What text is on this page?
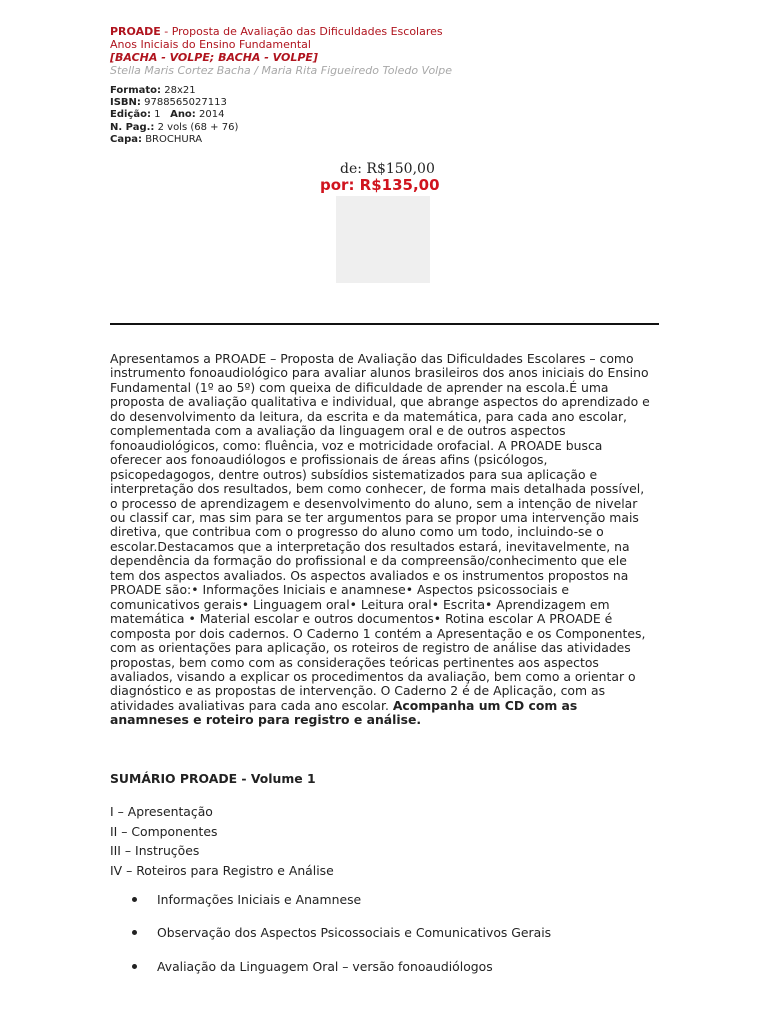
PROADE - Proposta de Avaliação das Dificuldades Escolares
Anos Iniciais do Ensino Fundamental
[BACHA - VOLPE; BACHA - VOLPE]
Stella Maris Cortez Bacha / Maria Rita Figueiredo Toledo Volpe
Formato: 28x21
ISBN: 9788565027113
Edição: 1 Ano: 2014
N. Pag.: 2 vols (68 + 76)
Capa: BROCHURA
de: R$150,00
por: R$135,00

Apresentamos a PROADE – Proposta de Avaliação das Dificuldades Escolares – como instrumento fonoaudiológico para avaliar alunos brasileiros dos anos iniciais do Ensino Fundamental (1º ao 5º) com queixa de dificuldade de aprender na escola.É uma proposta de avaliação qualitativa e individual, que abrange aspectos do aprendizado e do desenvolvimento da leitura, da escrita e da matemática, para cada ano escolar, complementada com a avaliação da linguagem oral e de outros aspectos fonoaudiológicos, como: fluência, voz e motricidade orofacial. A PROADE busca oferecer aos fonoaudiólogos e profissionais de áreas afins (psicólogos, psicopedagogos, dentre outros) subsídios sistematizados para sua aplicação e interpretação dos resultados, bem como conhecer, de forma mais detalhada possível, o processo de aprendizagem e desenvolvimento do aluno, sem a intenção de nivelar ou classif car, mas sim para se ter argumentos para se propor uma intervenção mais diretiva, que contribua com o progresso do aluno como um todo, incluindo-se o escolar.Destacamos que a interpretação dos resultados estará, inevitavelmente, na dependência da formação do profissional e da compreensão/conhecimento que ele tem dos aspectos avaliados. Os aspectos avaliados e os instrumentos propostos na PROADE são:• Informações Iniciais e anamnese• Aspectos psicossociais e comunicativos gerais• Linguagem oral• Leitura oral• Escrita• Aprendizagem em matemática • Material escolar e outros documentos• Rotina escolar A PROADE é composta por dois cadernos. O Caderno 1 contém a Apresentação e os Componentes, com as orientações para aplicação, os roteiros de registro de análise das atividades propostas, bem como com as considerações teóricas pertinentes aos aspectos avaliados, visando a explicar os procedimentos da avaliação, bem como a orientar o diagnóstico e as propostas de intervenção. O Caderno 2 é de Aplicação, com as atividades avaliativas para cada ano escolar. Acompanha um CD com as anamneses e roteiro para registro e análise.

SUMÁRIO PROADE - Volume 1
I – Apresentação
II – Componentes
III – Instruções
IV – Roteiros para Registro e Análise
Informações Iniciais e Anamnese
Observação dos Aspectos Psicossociais e Comunicativos Gerais
Avaliação da Linguagem Oral – versão fonoaudiólogos
